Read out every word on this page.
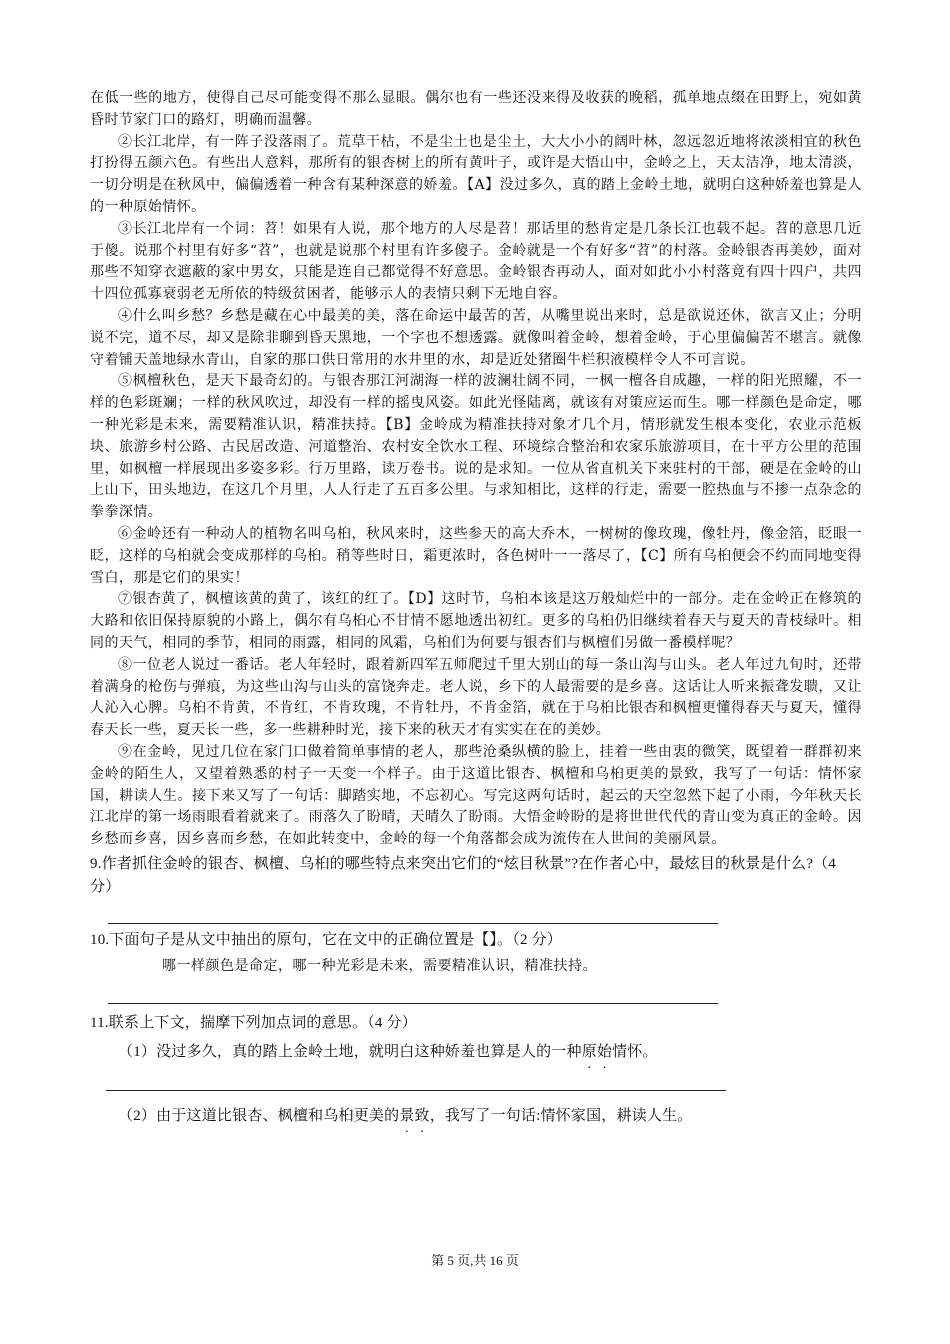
在低一些的地方，使得自己尽可能变得不那么显眼。偶尔也有一些还没来得及收获的晚稻，孤单地点缀在田野上，宛如黄昏时节家门口的路灯，明确而温馨。

②长江北岸，有一阵子没落雨了。荒草干枯，不是尘土也是尘土，大大小小的阔叶林，忽远忽近地将浓淡相宜的秋色打扮得五颜六色。有些出人意料，那所有的银杏树上的所有黄叶子，或许是大悟山中，金岭之上，天太洁净，地太清淡，一切分明是在秋风中，偏偏透着一种含有某种深意的娇羞。【A】没过多久，真的踏上金岭土地，就明白这种娇羞也算是人的一种原始情怀。

③长江北岸有一个词：苕！如果有人说，那个地方的人尽是苕！那话里的愁肯定是几条长江也载不起。苕的意思几近于傻。说那个村里有好多“苕”，也就是说那个村里有许多傻子。金岭就是一个有好多“苕”的村落。金岭银杏再美妙，面对那些不知穿衣遮蔽的家中男女，只能是连自己都觉得不好意思。金岭银杏再动人，面对如此小小村落竟有四十四户，共四十四位孤寡衰弱老无所依的特级贫困者，能够示人的表情只剩下无地自容。

④什么叫乡愁？乡愁是藏在心中最美的美，落在命运中最苦的苦，从嘴里说出来时，总是欲说还休，欲言又止；分明说不完，道不尽，却又是除非聊到昏天黑地，一个字也不想透露。就像叫着金岭，想着金岭，于心里偏偏苦不堪言。就像守着铺天盖地绿水青山，自家的那口供日常用的水井里的水，却是近处猪圈牛栏积液模样令人不可言说。

⑤枫檀秋色，是天下最奇幻的。与银杏那江河湖海一样的波澜壮阔不同，一枫一檀各自成趣，一样的阳光照耀，不一样的色彩斑斓；一样的秋风吹过，却没有一样的摇曳风姿。如此光怪陆离，就该有对策应运而生。哪一样颜色是命定，哪一种光彩是未来，需要精准认识，精准扶持。【B】金岭成为精准扶持对象才几个月，情形就发生根本变化，农业示范板块、旅游乡村公路、古民居改造、河道整治、农村安全饮水工程、环境综合整治和农家乐旅游项目，在十平方公里的范围里，如枫檀一样展现出多姿多彩。行万里路，读万卷书。说的是求知。一位从省直机关下来驻村的干部，硬是在金岭的山上山下，田头地边，在这几个月里，人人行走了五百多公里。与求知相比，这样的行走，需要一腔热血与不掺一点杂念的拳拳深情。

⑥金岭还有一种动人的植物名叫乌桕，秋风来时，这些参天的高大乔木，一树树的像玫瑰，像牡丹，像金箔，眨眼一眨，这样的乌桕就会变成那样的乌桕。稍等些时日，霜更浓时，各色树叶一一落尽了，【C】所有乌桕便会不约而同地变得雪白，那是它们的果实！

⑦银杏黄了，枫檀该黄的黄了，该红的红了。【D】这时节，乌桕本该是这万般灿烂中的一部分。走在金岭正在修筑的大路和依旧保持原貌的小路上，偶尔有乌桕心不甘情不愿地透出初红。更多的乌桕仍旧继续着春天与夏天的青枝绿叶。相同的天气，相同的季节，相同的雨露，相同的风霜，乌桕们为何要与银杏们与枫檀们另做一番模样呢？

⑧一位老人说过一番话。老人年轻时，跟着新四军五师爬过千里大别山的每一条山沟与山头。老人年过九旬时，还带着满身的枪伤与弹痕，为这些山沟与山头的富饶奔走。老人说，乡下的人最需要的是乡喜。这话让人听来振聋发聩，又让人沁入心脾。乌桕不肯黄，不肯红，不肯玫瑰，不肯牡丹，不肯金箔，就在于乌桕比银杏和枫檀更懂得春天与夏天，懂得春天长一些，夏天长一些，多一些耕种时光，接下来的秋天才有实实在在的美妙。

⑨在金岭，见过几位在家门口做着简单事情的老人，那些沧桑纵横的脸上，挂着一些由衷的微笑，既望着一群群初来金岭的陌生人，又望着熟悉的村子一天变一个样子。由于这道比银杏、枫檀和乌桕更美的景致，我写了一句话：情怀家国，耕读人生。接下来又写了一句话：脚踏实地，不忘初心。写完这两句话时，起云的天空忽然下起了小雨，今年秋天长江北岸的第一场雨眼看着就来了。雨落久了盼晴，天晴久了盼雨。大悟金岭盼的是将世世代代的青山变为真正的金岭。因乡愁而乡喜，因乡喜而乡愁，在如此转变中，金岭的每一个角落都会成为流传在人世间的美丽风景。

9.作者抓住金岭的银杏、枫檀、乌桕的哪些特点来突出它们的“炫目秋景”?在作者心中，最炫目的秋景是什么?（4 分）

10.下面句子是从文中抽出的原句，它在文中的正确位置是【】。（2 分）

哪一样颜色是命定，哪一种光彩是未来，需要精准认识，精准扶持。

11.联系上下文，揣摩下列加点词的意思。（4 分）

（1）没过多久，真的踏上金岭土地，就明白这种娇羞也算是人的一种原始情怀。

（2）由于这道比银杏、枫檀和乌桕更美的景致，我写了一句话:情怀家国，耕读人生。

第 5 页,共 16 页
